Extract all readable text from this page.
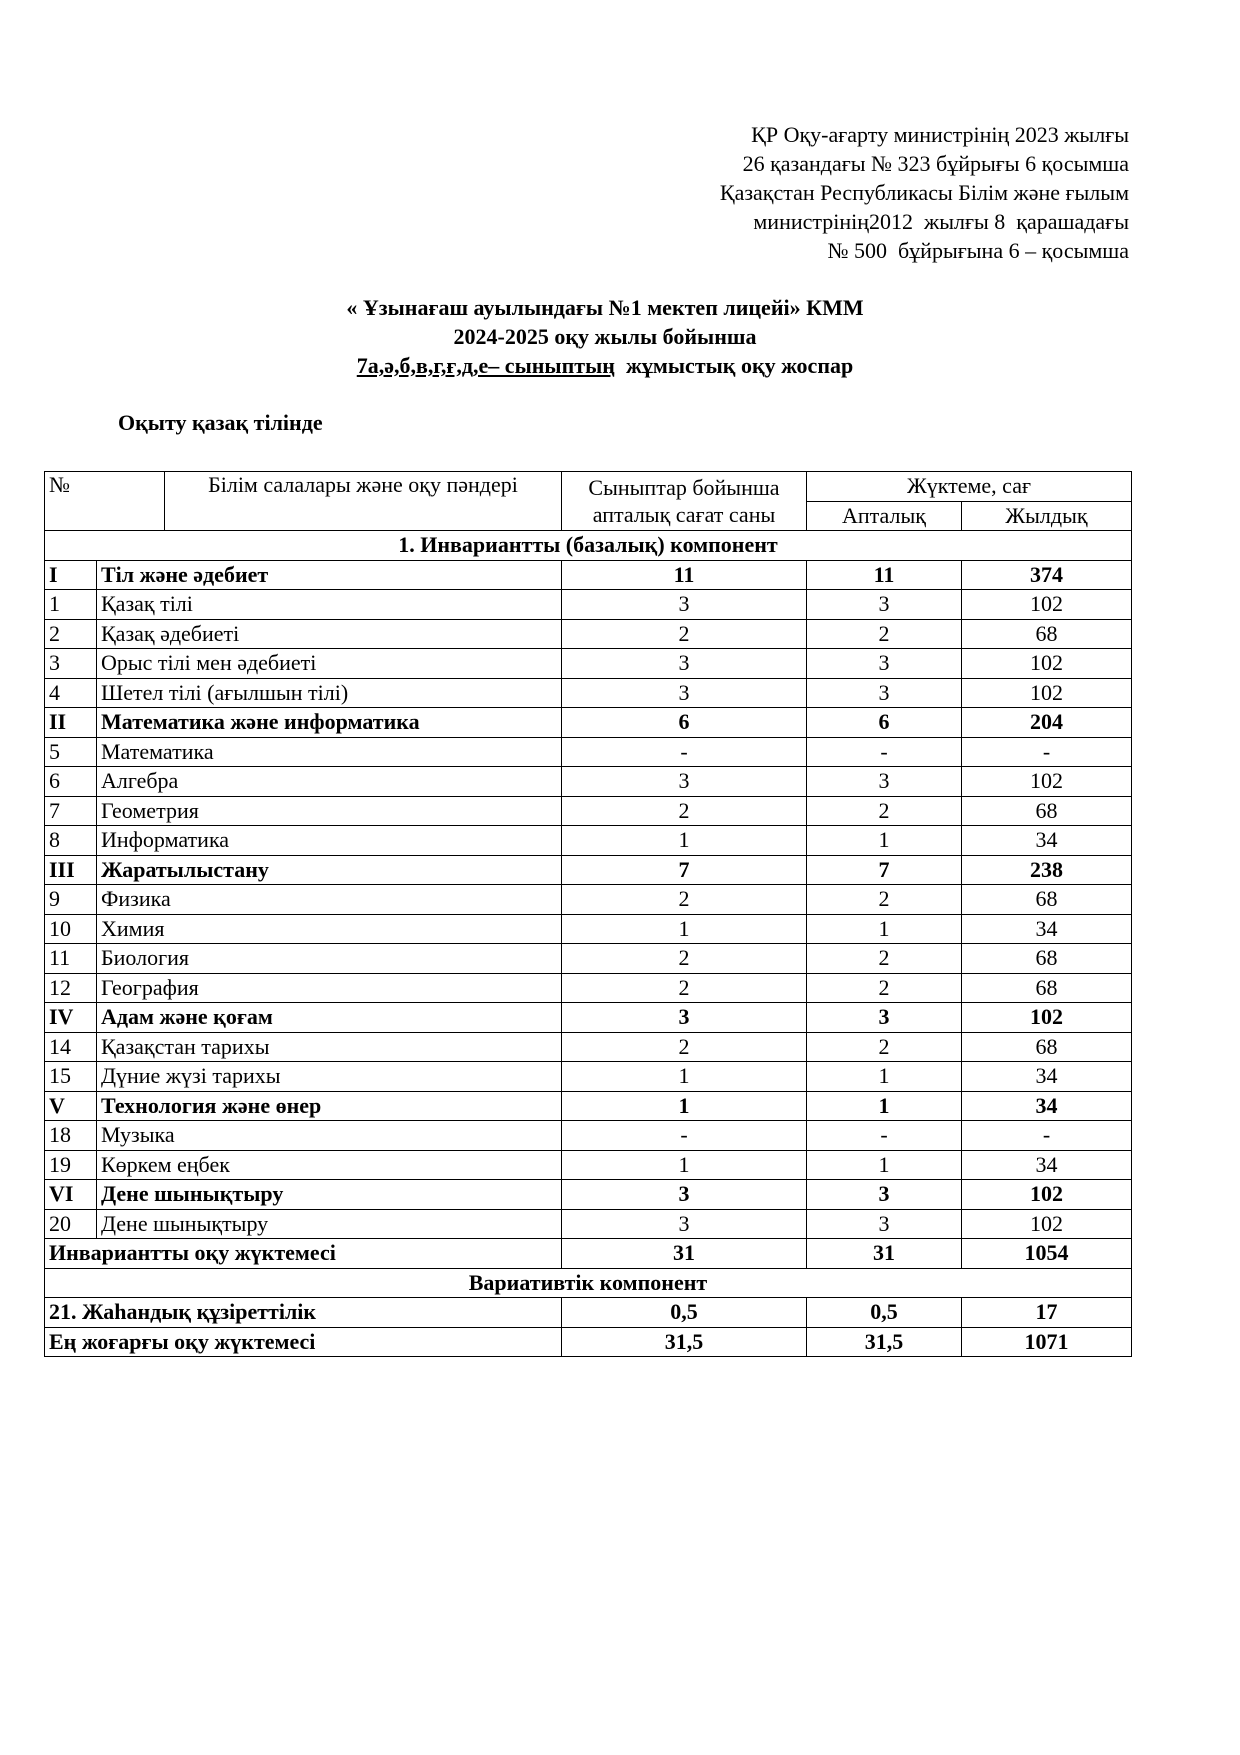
ҚР Оқу-ағарту министрінің 2023 жылғы
26 қазандағы № 323 бұйрығы 6 қосымша
Қазақстан Республикасы Білім және ғылым
министрінің2012  жылғы 8  қарашадағы
№ 500  бұйрығына 6 – қосымша
« Ұзынағаш ауылындағы №1 мектеп лицейі» КММ
2024-2025 оқу жылы бойынша
7а,ә,б,в,г,ғ,д,е– сыныптың  жұмыстық оқу жоспар
Оқыту қазақ тілінде
№		Білім салалары және оқу пәндері	Сыныптар бойынша
апталық сағат саны	Жүктеме, сағ	
				Апталық	Жылдық
1. Инвариантты (базалық) компонент					
I	Тіл және әдебиет		11	11	374
1	Қазақ тілі		3	3	102
2	Қазақ әдебиеті		2	2	68
3	Орыс тілі мен әдебиеті		3	3	102
4	Шетел тілі (ағылшын тілі)		3	3	102
II	Математика және информатика		6	6	204
5	Математика		-	-	-
6	Алгебра		3	3	102
7	Геометрия		2	2	68
8	Информатика		1	1	34
III	Жаратылыстану		7	7	238
9	Физика		2	2	68
10	Химия		1	1	34
11	Биология		2	2	68
12	География		2	2	68
IV	Адам және қоғам		3	3	102
14	Қазақстан тарихы		2	2	68
15	Дүние жүзі тарихы		1	1	34
V	Технология және өнер		1	1	34
18	Музыка		-	-	-
19	Көркем еңбек		1	1	34
VI	Дене шынықтыру		3	3	102
20	Дене шынықтыру		3	3	102
Инвариантты оқу жүктемесі			31	31	1054
Вариативтік компонент					
21. Жаһандық құзіреттілік			0,5	0,5	17
Ең жоғарғы оқу жүктемесі			31,5	31,5	1071
